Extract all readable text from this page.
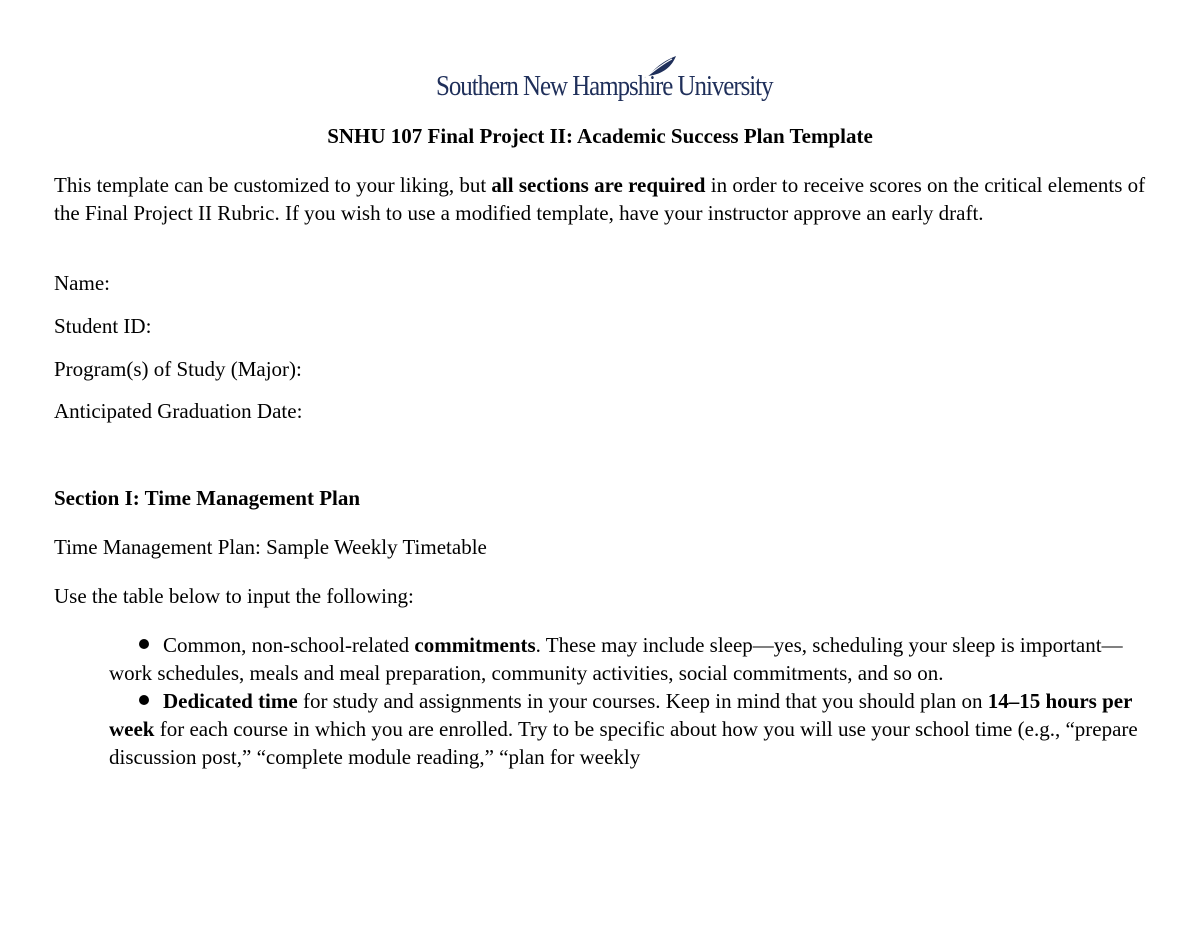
Southern New Hampshire University
SNHU 107 Final Project II: Academic Success Plan Template

This template can be customized to your liking, but all sections are required in order to receive scores on the critical elements of the Final Project II Rubric. If you wish to use a modified template, have your instructor approve an early draft.

Name:

Student ID:

Program(s) of Study (Major):

Anticipated Graduation Date:

Section I: Time Management Plan

Time Management Plan: Sample Weekly Timetable

Use the table below to input the following:

Common, non-school-related commitments. These may include sleep—yes, scheduling your sleep is important—work schedules, meals and meal preparation, community activities, social commitments, and so on.
Dedicated time for study and assignments in your courses. Keep in mind that you should plan on 14–15 hours per week for each course in which you are enrolled. Try to be specific about how you will use your school time (e.g., “prepare discussion post,” “complete module reading,” “plan for weekly
